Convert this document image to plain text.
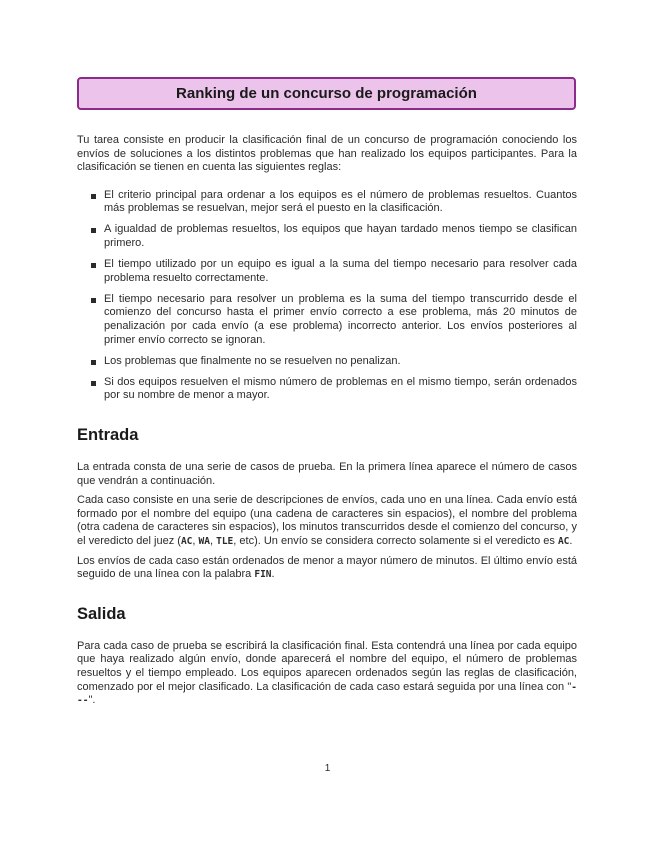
Ranking de un concurso de programación

Tu tarea consiste en producir la clasificación final de un concurso de programación conociendo los envíos de soluciones a los distintos problemas que han realizado los equipos participantes. Para la clasificación se tienen en cuenta las siguientes reglas:

El criterio principal para ordenar a los equipos es el número de problemas resueltos. Cuantos más problemas se resuelvan, mejor será el puesto en la clasificación.
A igualdad de problemas resueltos, los equipos que hayan tardado menos tiempo se clasifican primero.
El tiempo utilizado por un equipo es igual a la suma del tiempo necesario para resolver cada problema resuelto correctamente.
El tiempo necesario para resolver un problema es la suma del tiempo transcurrido desde el comienzo del concurso hasta el primer envío correcto a ese problema, más 20 minutos de penalización por cada envío (a ese problema) incorrecto anterior. Los envíos posteriores al primer envío correcto se ignoran.
Los problemas que finalmente no se resuelven no penalizan.
Si dos equipos resuelven el mismo número de problemas en el mismo tiempo, serán ordenados por su nombre de menor a mayor.
Entrada

La entrada consta de una serie de casos de prueba. En la primera línea aparece el número de casos que vendrán a continuación.

Cada caso consiste en una serie de descripciones de envíos, cada uno en una línea. Cada envío está formado por el nombre del equipo (una cadena de caracteres sin espacios), el nombre del problema (otra cadena de caracteres sin espacios), los minutos transcurridos desde el comienzo del concurso, y el veredicto del juez (AC, WA, TLE, etc). Un envío se considera correcto solamente si el veredicto es AC.

Los envíos de cada caso están ordenados de menor a mayor número de minutos. El último envío está seguido de una línea con la palabra FIN.

Salida

Para cada caso de prueba se escribirá la clasificación final. Esta contendrá una línea por cada equipo que haya realizado algún envío, donde aparecerá el nombre del equipo, el número de problemas resueltos y el tiempo empleado. Los equipos aparecen ordenados según las reglas de clasificación, comenzado por el mejor clasificado. La clasificación de cada caso estará seguida por una línea con "---".

1
